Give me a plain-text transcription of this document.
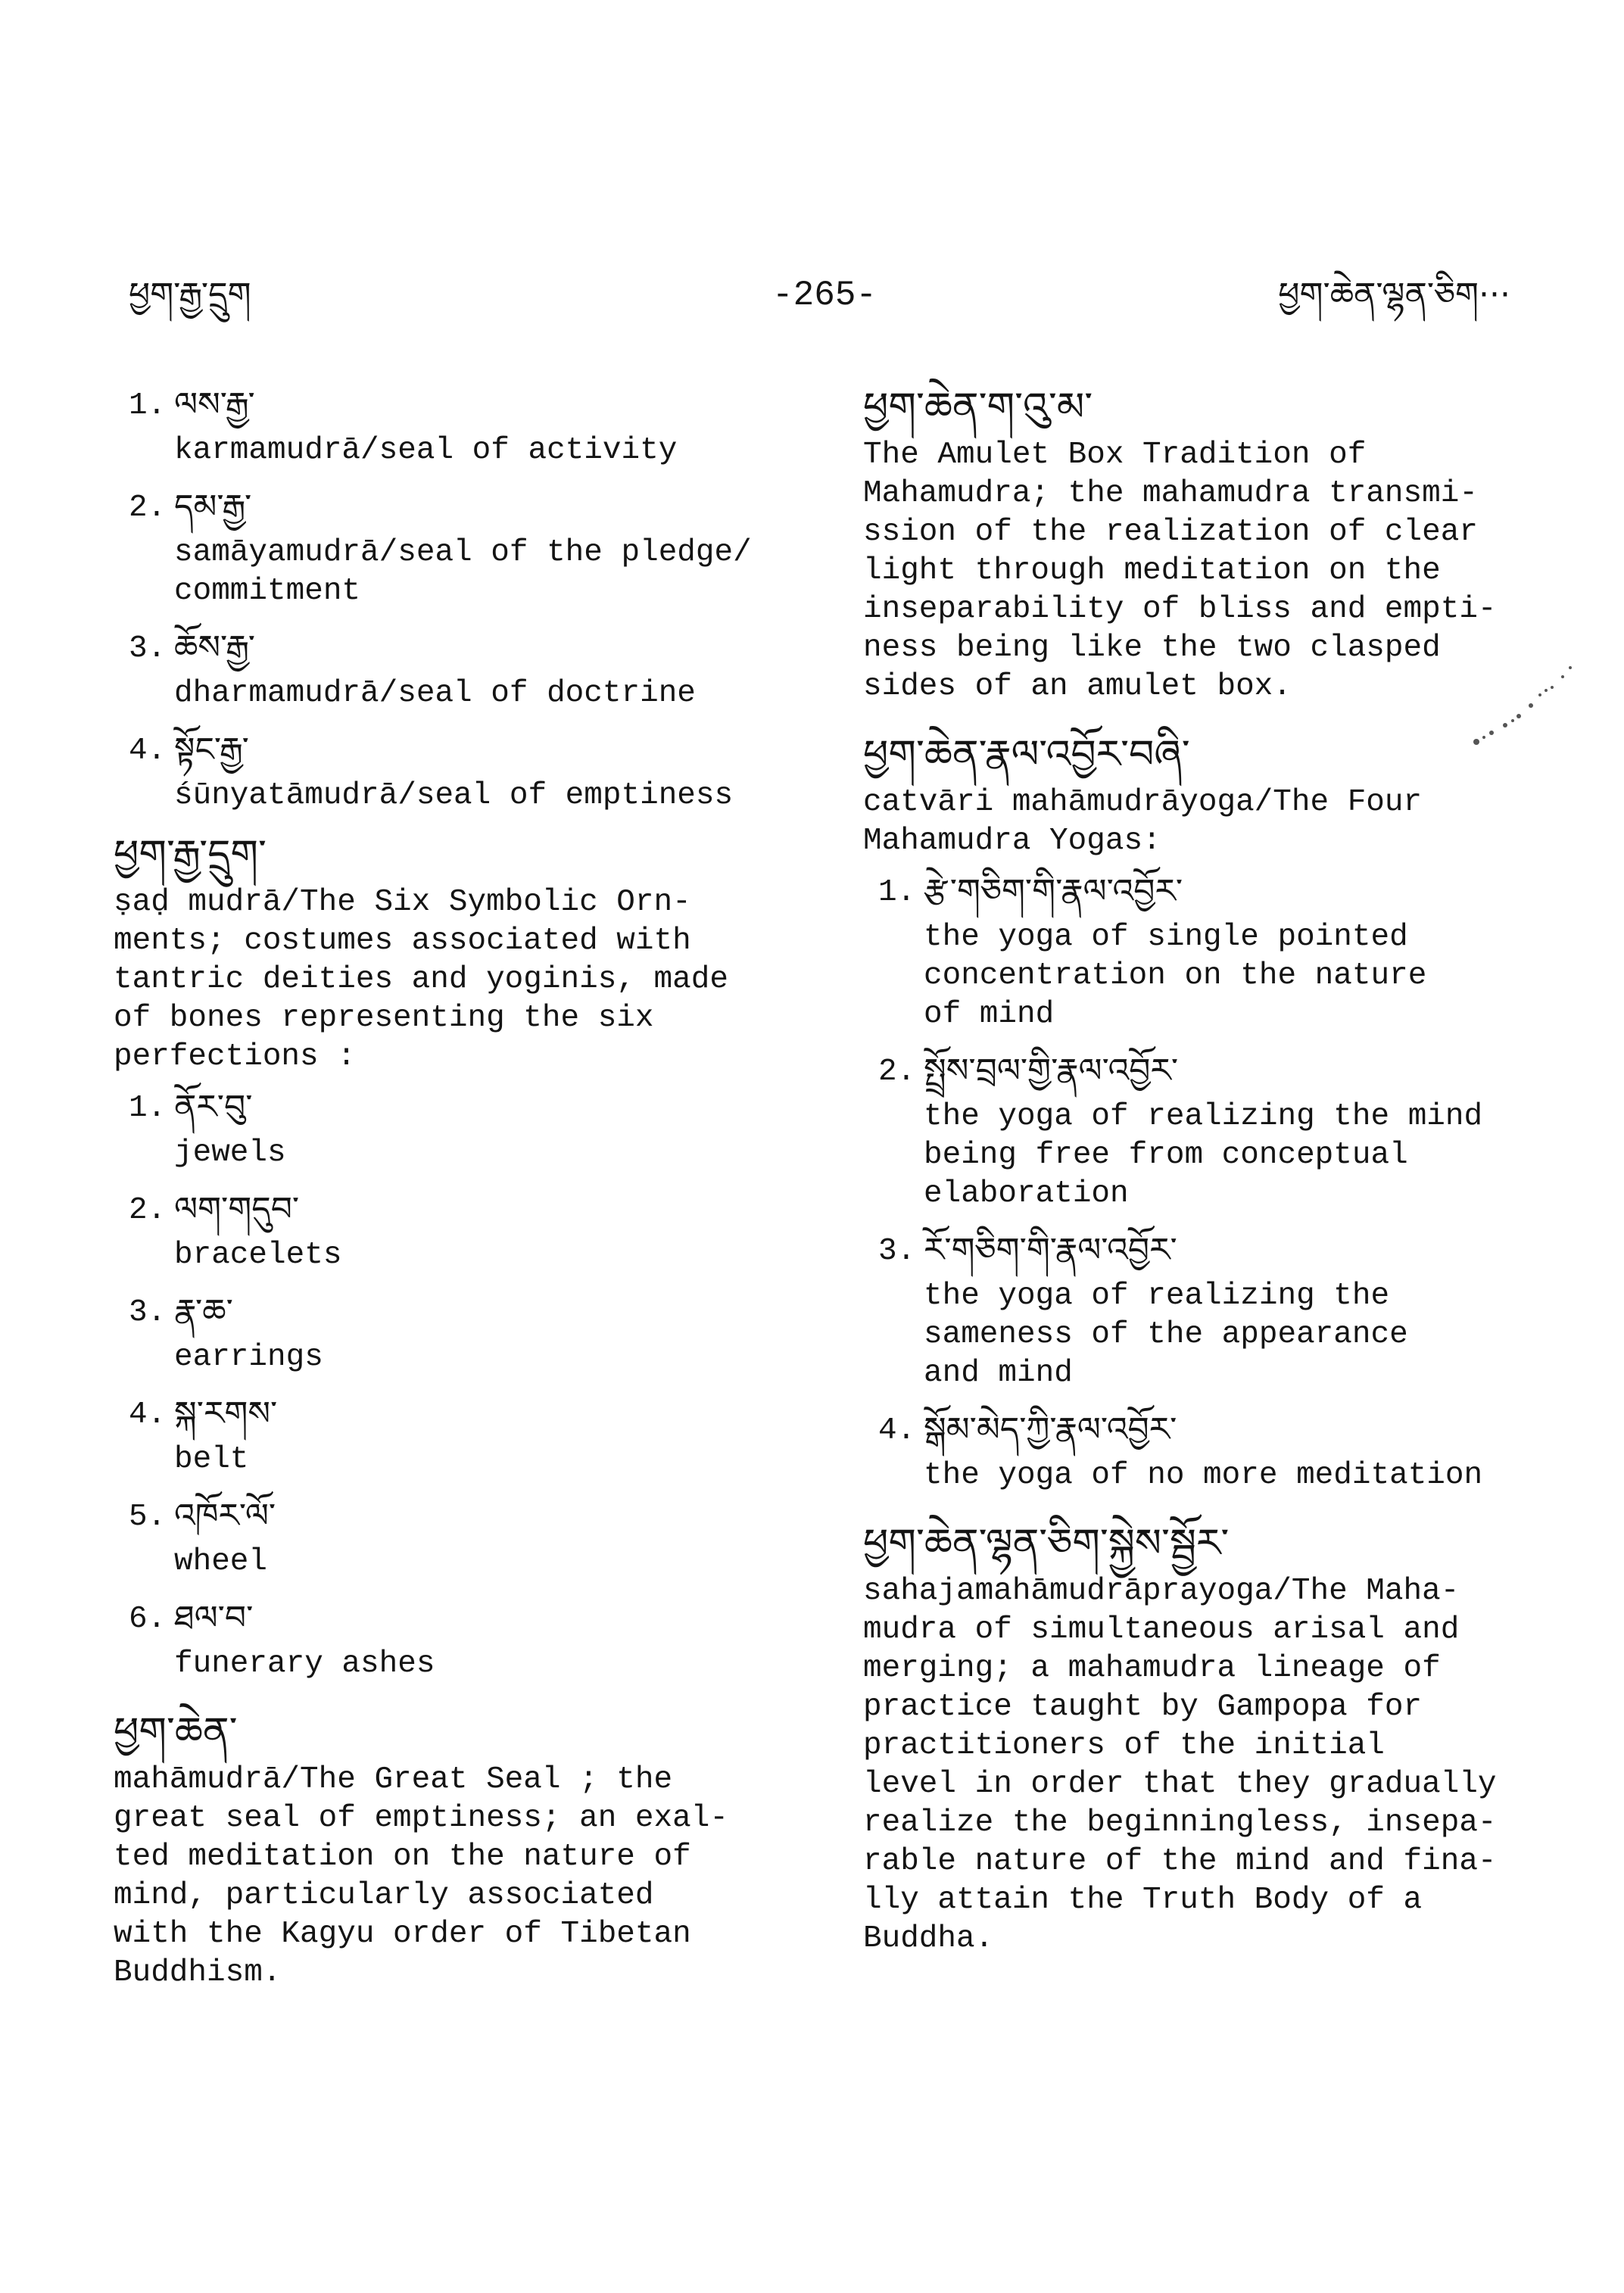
ཕྱག་རྒྱ་དྲུག	-265-	ཕྱག་ཆེན་ལྷན་ཅིག···
1. ལས་རྒྱ་

karmamudrā/seal of activity

2. དམ་རྒྱ་

samāyamudrā/seal of the pledge/
commitment

3. ཆོས་རྒྱ་

dharmamudrā/seal of doctrine

4. སྟོང་རྒྱ་

śūnyatāmudrā/seal of emptiness

ཕྱག་རྒྱ་དྲུག་

ṣaḍ mudrā/The Six Symbolic Orn-
ments; costumes associated with
tantric deities and yoginis, made
of bones representing the six
perfections :

1. ནོར་བུ་

jewels

2. ལག་གདུབ་

bracelets

3. རྣ་ཆ་

earrings

4. སྐ་རགས་

belt

5. འཁོར་ལོ་

wheel

6. ཐལ་བ་

funerary ashes

ཕྱག་ཆེན་

mahāmudrā/The Great Seal ; the
great seal of emptiness; an exal-
ted meditation on the nature of
mind, particularly associated
with the Kagyu order of Tibetan
Buddhism.

ཕྱག་ཆེན་ག་འུ་མ་

The Amulet Box Tradition of
Mahamudra; the mahamudra transmi-
ssion of the realization of clear
light through meditation on the
inseparability of bliss and empti-
ness being like the two clasped
sides of an amulet box.

ཕྱག་ཆེན་རྣལ་འབྱོར་བཞི་

catvāri mahāmudrāyoga/The Four
Mahamudra Yogas:

1. རྩེ་གཅིག་གི་རྣལ་འབྱོར་

the yoga of single pointed
concentration on the nature
of mind

2. སྤྲོས་བྲལ་གྱི་རྣལ་འབྱོར་

the yoga of realizing the mind
being free from conceptual
elaboration

3. རོ་གཅིག་གི་རྣལ་འབྱོར་

the yoga of realizing the
sameness of the appearance
and mind

4. སྒོམ་མེད་ཀྱི་རྣལ་འབྱོར་

the yoga of no more meditation

ཕྱག་ཆེན་ལྷན་ཅིག་སྐྱེས་སྦྱོར་

sahajamahāmudrāprayoga/The Maha-
mudra of simultaneous arisal and
merging; a mahamudra lineage of
practice taught by Gampopa for
practitioners of the initial
level in order that they gradually
realize the beginningless, insepa-
rable nature of the mind and fina-
lly attain the Truth Body of a
Buddha.
